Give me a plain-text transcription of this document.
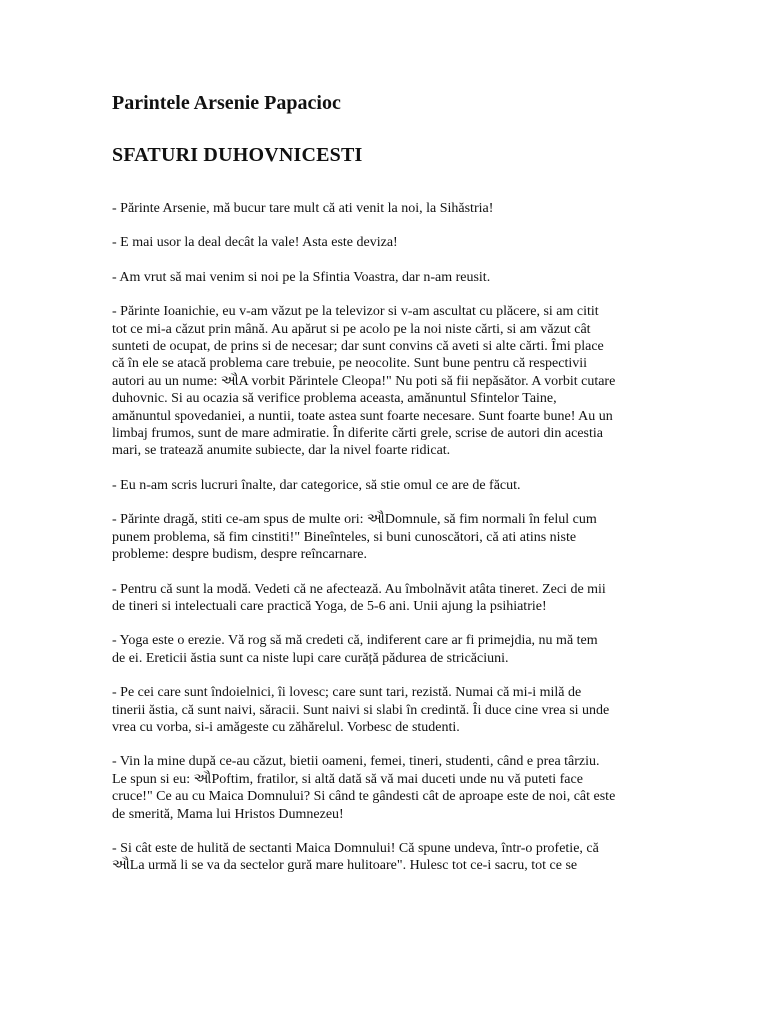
Parintele Arsenie Papacioc
SFATURI DUHOVNICESTI

- Părinte Arsenie, mă bucur tare mult că ati venit la noi, la Sihăstria!

- E mai usor la deal decât la vale! Asta este deviza!

- Am vrut să mai venim si noi pe la Sfintia Voastra, dar n-am reusit.

- Părinte Ioanichie, eu v-am văzut pe la televizor si v-am ascultat cu plăcere, si am citit
tot ce mi-a căzut prin mână. Au apărut si pe acolo pe la noi niste cărti, si am văzut cât
sunteti de ocupat, de prins si de necesar; dar sunt convins că aveti si alte cărti. Îmi place
că în ele se atacă problema care trebuie, pe neocolite. Sunt bune pentru că respectivii
autori au un nume: ઔA vorbit Părintele Cleopa!" Nu poti să fii nepăsător. A vorbit cutare
duhovnic. Si au ocazia să verifice problema aceasta, amănuntul Sfintelor Taine,
amănuntul spovedaniei, a nuntii, toate astea sunt foarte necesare. Sunt foarte bune! Au un
limbaj frumos, sunt de mare admiratie. În diferite cărti grele, scrise de autori din acestia
mari, se tratează anumite subiecte, dar la nivel foarte ridicat.

- Eu n-am scris lucruri înalte, dar categorice, să stie omul ce are de făcut.

- Părinte dragă, stiti ce-am spus de multe ori: ઔDomnule, să fim normali în felul cum
punem problema, să fim cinstiti!" Bineînteles, si buni cunoscători, că ati atins niste
probleme: despre budism, despre reîncarnare.

- Pentru că sunt la modă. Vedeti că ne afectează. Au îmbolnăvit atâta tineret. Zeci de mii
de tineri si intelectuali care practică Yoga, de 5-6 ani. Unii ajung la psihiatrie!

- Yoga este o erezie. Vă rog să mă credeti că, indiferent care ar fi primejdia, nu mă tem
de ei. Ereticii ăstia sunt ca niste lupi care curăță pădurea de stricăciuni.

- Pe cei care sunt îndoielnici, îi lovesc; care sunt tari, rezistă. Numai că mi-i milă de
tinerii ăstia, că sunt naivi, săracii. Sunt naivi si slabi în credintă. Îi duce cine vrea si unde
vrea cu vorba, si-i amăgeste cu zăhărelul. Vorbesc de studenti.

- Vin la mine după ce-au căzut, bietii oameni, femei, tineri, studenti, când e prea târziu.
Le spun si eu: ઔPoftim, fratilor, si altă dată să vă mai duceti unde nu vă puteti face
cruce!" Ce au cu Maica Domnului? Si când te gândesti cât de aproape este de noi, cât este
de smerită, Mama lui Hristos Dumnezeu!

- Si cât este de hulită de sectanti Maica Domnului! Că spune undeva, într-o profetie, că
ઔLa urmă li se va da sectelor gură mare hulitoare". Hulesc tot ce-i sacru, tot ce se
